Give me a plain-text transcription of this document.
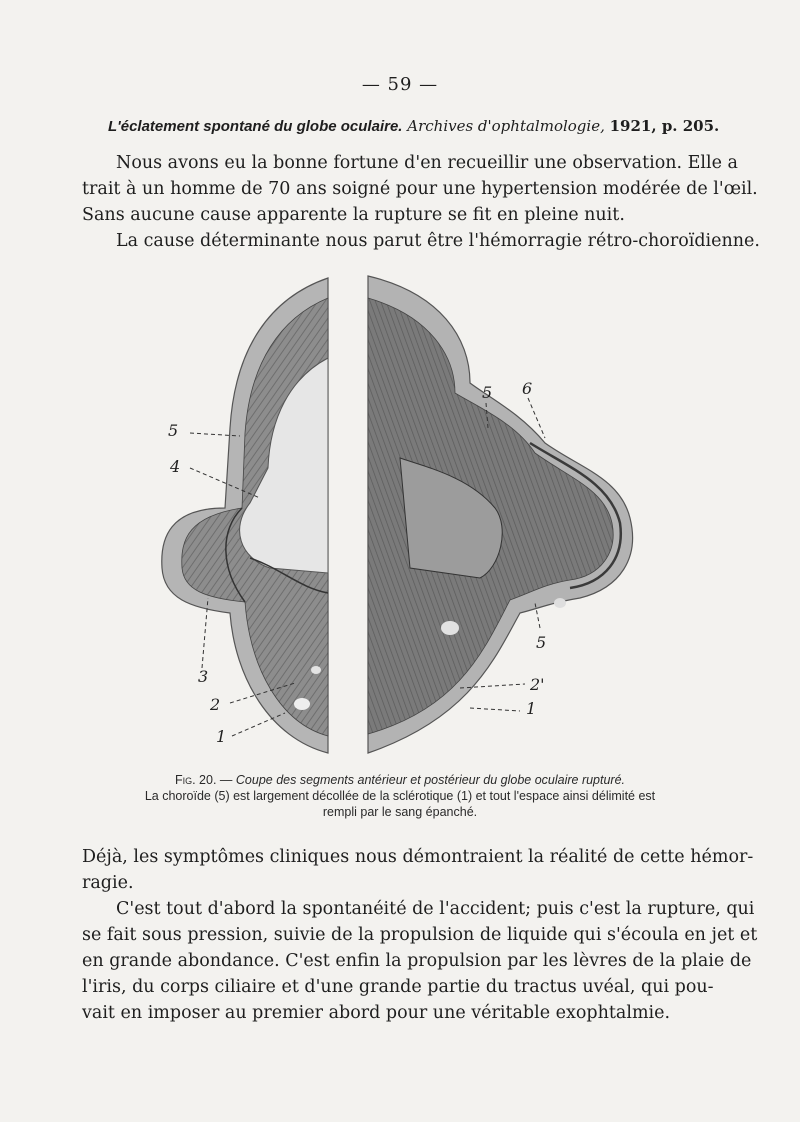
— 59 —
L'éclatement spontané du globe oculaire. Archives d'ophtalmologie, 1921, p. 205.

Nous avons eu la bonne fortune d'en recueillir une observation. Elle a
trait à un homme de 70 ans soigné pour une hypertension modérée de l'œil.
Sans aucune cause apparente la rupture se fit en pleine nuit.
La cause déterminante nous parut être l'hémorragie rétro-choroïdienne.

5
4
3
2
1
5 6
5
2'
1
Fig. 20. — Coupe des segments antérieur et postérieur du globe oculaire rupturé.
La choroïde (5) est largement décollée de la sclérotique (1) et tout l'espace ainsi délimité est
rempli par le sang épanché.

Déjà, les symptômes cliniques nous démontraient la réalité de cette hémor-
ragie.
C'est tout d'abord la spontanéité de l'accident; puis c'est la rupture, qui
se fait sous pression, suivie de la propulsion de liquide qui s'écoula en jet et
en grande abondance. C'est enfin la propulsion par les lèvres de la plaie de
l'iris, du corps ciliaire et d'une grande partie du tractus uvéal, qui pou-
vait en imposer au premier abord pour une véritable exophtalmie.
